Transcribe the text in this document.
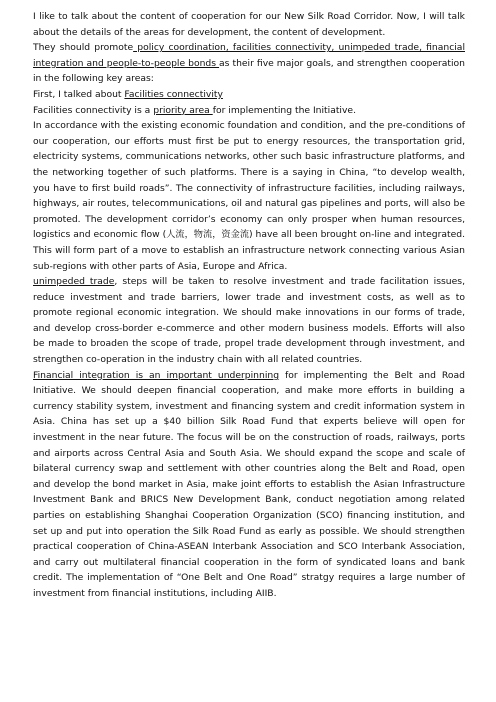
I like to talk about the content of cooperation for our New Silk Road Corridor. Now, I will talk about the details of the areas for development, the content of development.

They should promote policy coordination, facilities connectivity, unimpeded trade, financial integration and people-to-people bonds as their five major goals, and strengthen cooperation in the following key areas:

First, I talked about Facilities connectivity

Facilities connectivity is a priority area for implementing the Initiative.

In accordance with the existing economic foundation and condition, and the pre-conditions of our cooperation, our efforts must first be put to energy resources, the transportation grid, electricity systems, communications networks, other such basic infrastructure platforms, and the networking together of such platforms. There is a saying in China, “to develop wealth, you have to first build roads”. The connectivity of infrastructure facilities, including railways, highways, air routes, telecommunications, oil and natural gas pipelines and ports, will also be promoted. The development corridor’s economy can only prosper when human resources, logistics and economic flow (人流，物流，资金流) have all been brought on-line and integrated. This will form part of a move to establish an infrastructure network connecting various Asian sub-regions with other parts of Asia, Europe and Africa.

unimpeded trade, steps will be taken to resolve investment and trade facilitation issues, reduce investment and trade barriers, lower trade and investment costs, as well as to promote regional economic integration. We should make innovations in our forms of trade, and develop cross-border e-commerce and other modern business models. Efforts will also be made to broaden the scope of trade, propel trade development through investment, and strengthen co-operation in the industry chain with all related countries.

Financial integration is an important underpinning for implementing the Belt and Road Initiative. We should deepen financial cooperation, and make more efforts in building a currency stability system, investment and financing system and credit information system in Asia. China has set up a $40 billion Silk Road Fund that experts believe will open for investment in the near future. The focus will be on the construction of roads, railways, ports and airports across Central Asia and South Asia. We should expand the scope and scale of bilateral currency swap and settlement with other countries along the Belt and Road, open and develop the bond market in Asia, make joint efforts to establish the Asian Infrastructure Investment Bank and BRICS New Development Bank, conduct negotiation among related parties on establishing Shanghai Cooperation Organization (SCO) financing institution, and set up and put into operation the Silk Road Fund as early as possible. We should strengthen practical cooperation of China-ASEAN Interbank Association and SCO Interbank Association, and carry out multilateral financial cooperation in the form of syndicated loans and bank credit. The implementation of “One Belt and One Road” stratgy requires a large number of investment from financial institutions, including AIIB.
